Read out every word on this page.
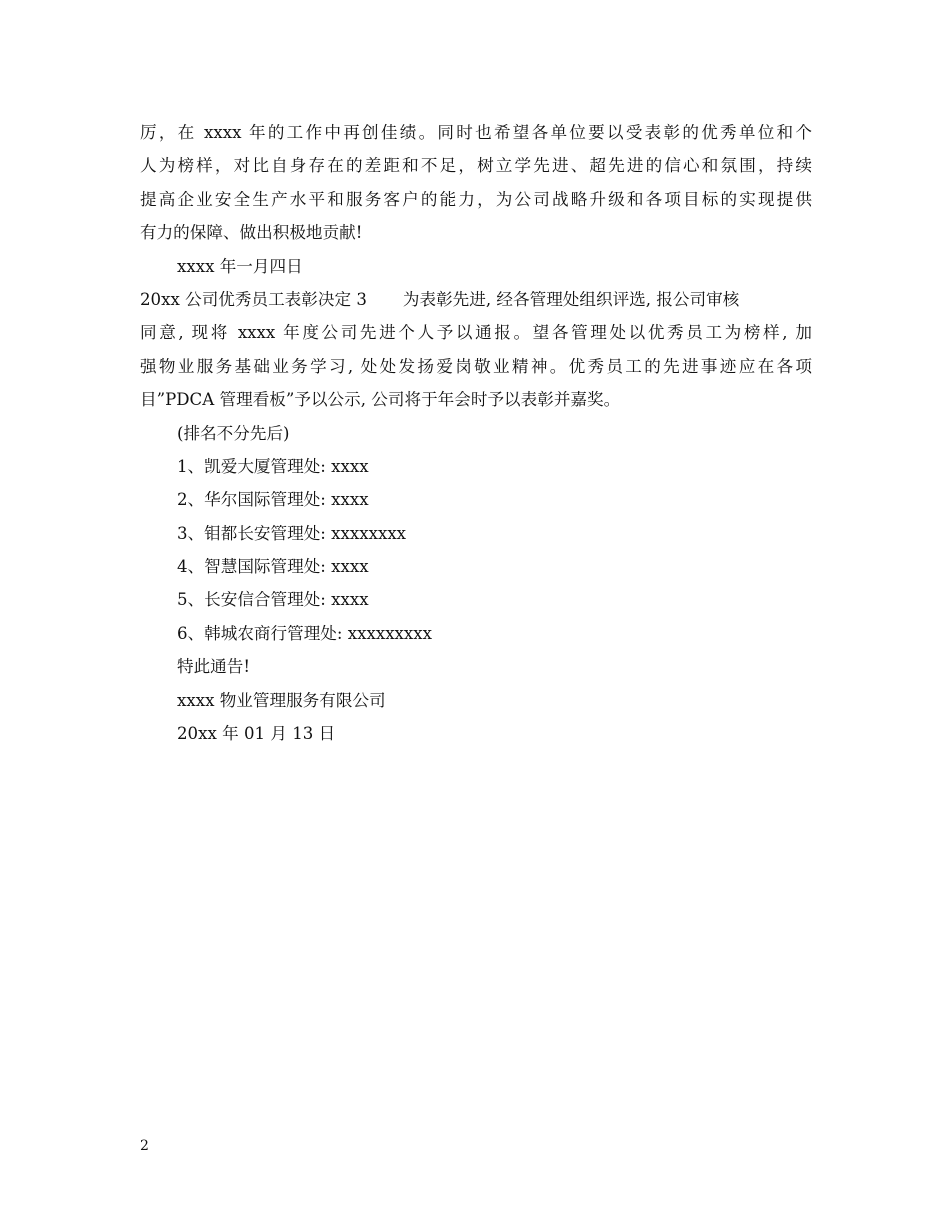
厉，在 xxxx 年的工作中再创佳绩。同时也希望各单位要以受表彰的优秀单位和个
人为榜样，对比自身存在的差距和不足，树立学先进、超先进的信心和氛围，持续
提高企业安全生产水平和服务客户的能力，为公司战略升级和各项目标的实现提供
有力的保障、做出积极地贡献!
xxxx 年一月四日
20xx 公司优秀员工表彰决定 3 为表彰先进, 经各管理处组织评选, 报公司审核
同意, 现将 xxxx 年度公司先进个人予以通报。望各管理处以优秀员工为榜样, 加
强物业服务基础业务学习, 处处发扬爱岗敬业精神。优秀员工的先进事迹应在各项
目”PDCA 管理看板”予以公示, 公司将于年会时予以表彰并嘉奖。
(排名不分先后)
1、凯爱大厦管理处: xxxx
2、华尔国际管理处: xxxx
3、钼都长安管理处: xxxxxxxx
4、智慧国际管理处: xxxx
5、长安信合管理处: xxxx
6、韩城农商行管理处: xxxxxxxxx
特此通告!
xxxx 物业管理服务有限公司
20xx 年 01 月 13 日
2
